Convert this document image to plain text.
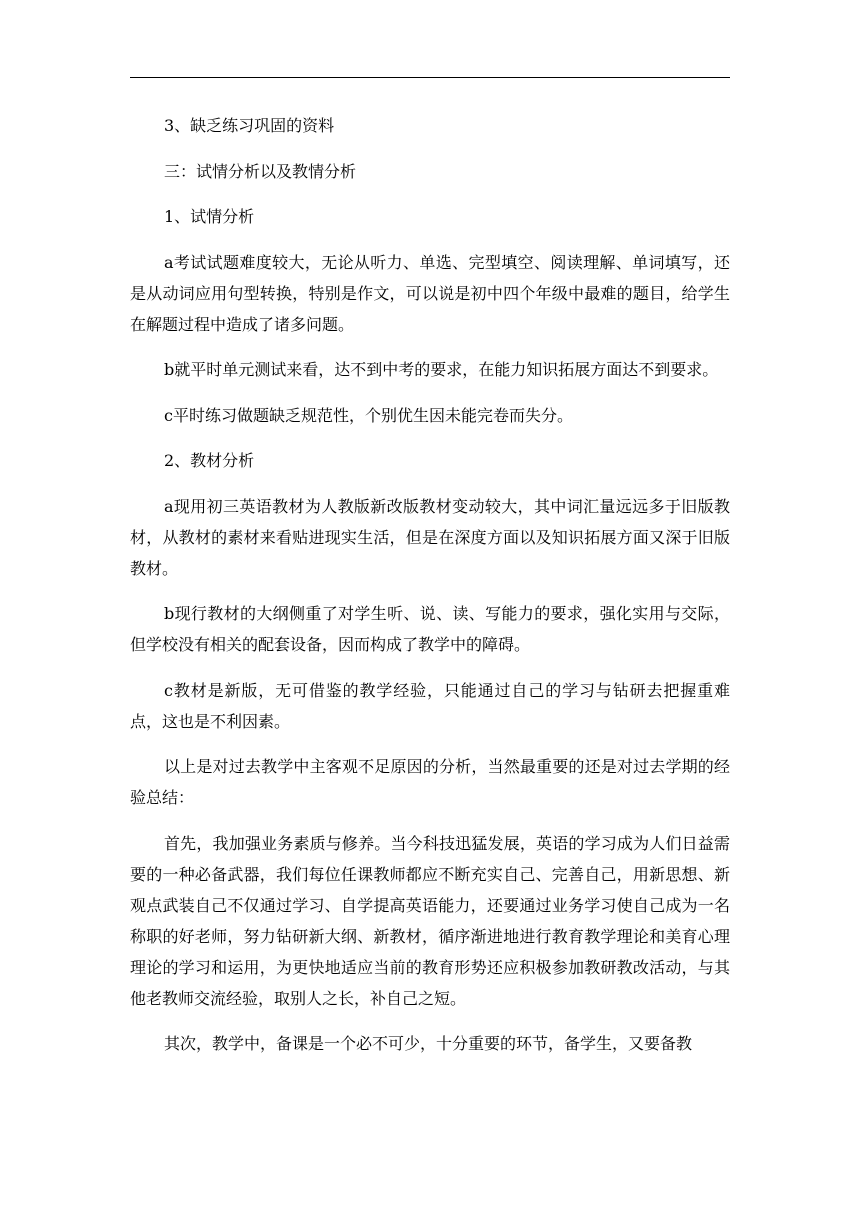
3、缺乏练习巩固的资料

三：试情分析以及教情分析

1、试情分析

a考试试题难度较大，无论从听力、单选、完型填空、阅读理解、单词填写，还是从动词应用句型转换，特别是作文，可以说是初中四个年级中最难的题目，给学生在解题过程中造成了诸多问题。

b就平时单元测试来看，达不到中考的要求，在能力知识拓展方面达不到要求。

c平时练习做题缺乏规范性，个别优生因未能完卷而失分。

2、教材分析

a现用初三英语教材为人教版新改版教材变动较大，其中词汇量远远多于旧版教材，从教材的素材来看贴进现实生活，但是在深度方面以及知识拓展方面又深于旧版教材。

b现行教材的大纲侧重了对学生听、说、读、写能力的要求，强化实用与交际，但学校没有相关的配套设备，因而构成了教学中的障碍。

c教材是新版，无可借鉴的教学经验，只能通过自己的学习与钻研去把握重难点，这也是不利因素。

以上是对过去教学中主客观不足原因的分析，当然最重要的还是对过去学期的经验总结：

首先，我加强业务素质与修养。当今科技迅猛发展，英语的学习成为人们日益需要的一种必备武器，我们每位任课教师都应不断充实自己、完善自己，用新思想、新观点武装自己不仅通过学习、自学提高英语能力，还要通过业务学习使自己成为一名称职的好老师，努力钻研新大纲、新教材，循序渐进地进行教育教学理论和美育心理理论的学习和运用，为更快地适应当前的教育形势还应积极参加教研教改活动，与其他老教师交流经验，取别人之长，补自己之短。

其次，教学中，备课是一个必不可少，十分重要的环节，备学生，又要备教
